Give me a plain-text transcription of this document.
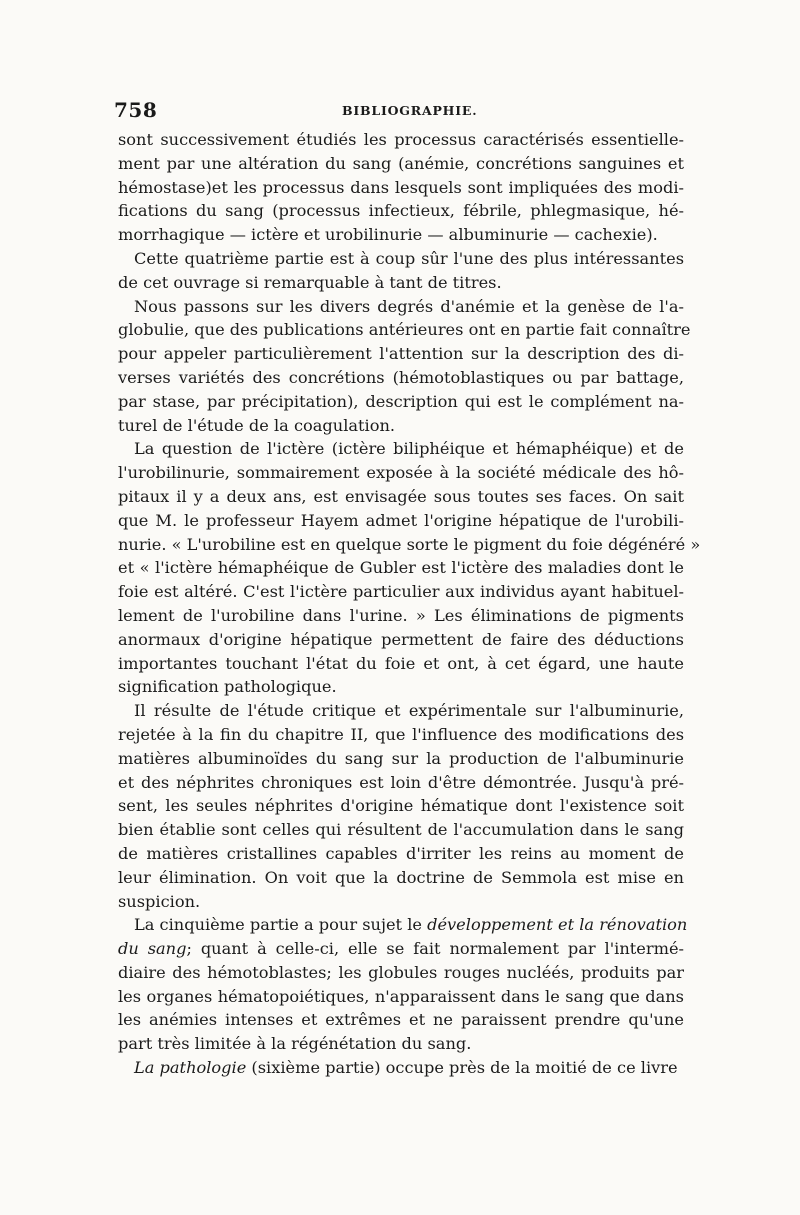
758	BIBLIOGRAPHIE.
sont successivement étudiés les processus caractérisés essentielle-
ment par une altération du sang (anémie, concrétions sanguines et
hémostase)et les processus dans lesquels sont impliquées des modi-
fications du sang (processus infectieux, fébrile, phlegmasique, hé-
morrhagique — ictère et urobilinurie — albuminurie — cachexie).
Cette quatrième partie est à coup sûr l'une des plus intéressantes
de cet ouvrage si remarquable à tant de titres.
Nous passons sur les divers degrés d'anémie et la genèse de l'a-
globulie, que des publications antérieures ont en partie fait connaître
pour appeler particulièrement l'attention sur la description des di-
verses variétés des concrétions (hémotoblastiques ou par battage,
par stase, par précipitation), description qui est le complément na-
turel de l'étude de la coagulation.
La question de l'ictère (ictère biliphéique et hémaphéique) et de
l'urobilinurie, sommairement exposée à la société médicale des hô-
pitaux il y a deux ans, est envisagée sous toutes ses faces. On sait
que M. le professeur Hayem admet l'origine hépatique de l'urobili-
nurie. « L'urobiline est en quelque sorte le pigment du foie dégénéré »
et « l'ictère hémaphéique de Gubler est l'ictère des maladies dont le
foie est altéré. C'est l'ictère particulier aux individus ayant habituel-
lement de l'urobiline dans l'urine. » Les éliminations de pigments
anormaux d'origine hépatique permettent de faire des déductions
importantes touchant l'état du foie et ont, à cet égard, une haute
signification pathologique.
Il résulte de l'étude critique et expérimentale sur l'albuminurie,
rejetée à la fin du chapitre II, que l'influence des modifications des
matières albuminoïdes du sang sur la production de l'albuminurie
et des néphrites chroniques est loin d'être démontrée. Jusqu'à pré-
sent, les seules néphrites d'origine hématique dont l'existence soit
bien établie sont celles qui résultent de l'accumulation dans le sang
de matières cristallines capables d'irriter les reins au moment de
leur élimination. On voit que la doctrine de Semmola est mise en
suspicion.
La cinquième partie a pour sujet le développement et la rénovation
du sang; quant à celle-ci, elle se fait normalement par l'intermé-
diaire des hémotoblastes; les globules rouges nucléés, produits par
les organes hématopoiétiques, n'apparaissent dans le sang que dans
les anémies intenses et extrêmes et ne paraissent prendre qu'une
part très limitée à la régénétation du sang.
La pathologie (sixième partie) occupe près de la moitié de ce livre
